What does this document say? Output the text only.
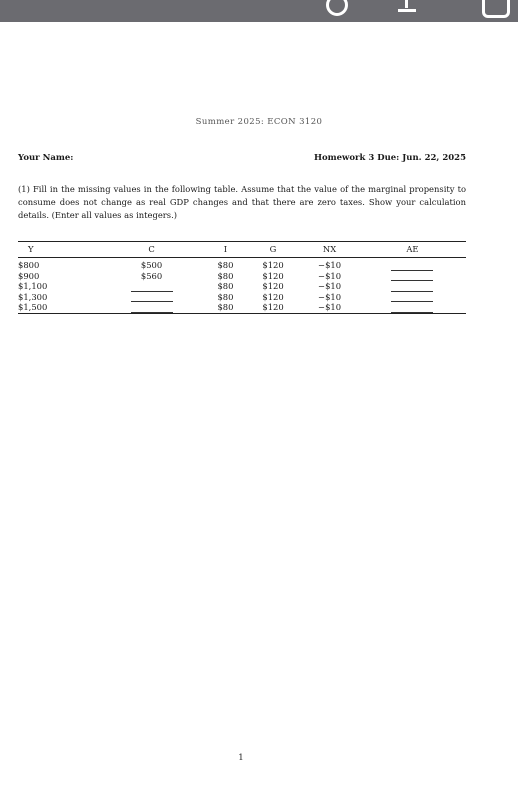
Summer 2025: ECON 3120
Your Name:	Homework 3 Due: Jun. 22, 2025
(1) Fill in the missing values in the following table. Assume that the value of the marginal propensity to consume does not change as real GDP changes and that there are zero taxes. Show your calculation details. (Enter all values as integers.)
Y	C	I	G	NX	AE
$800	$500	$80	$120	−$10	
$900	$560	$80	$120	−$10	
$1,100		$80	$120	−$10	
$1,300		$80	$120	−$10	
$1,500		$80	$120	−$10	
1
